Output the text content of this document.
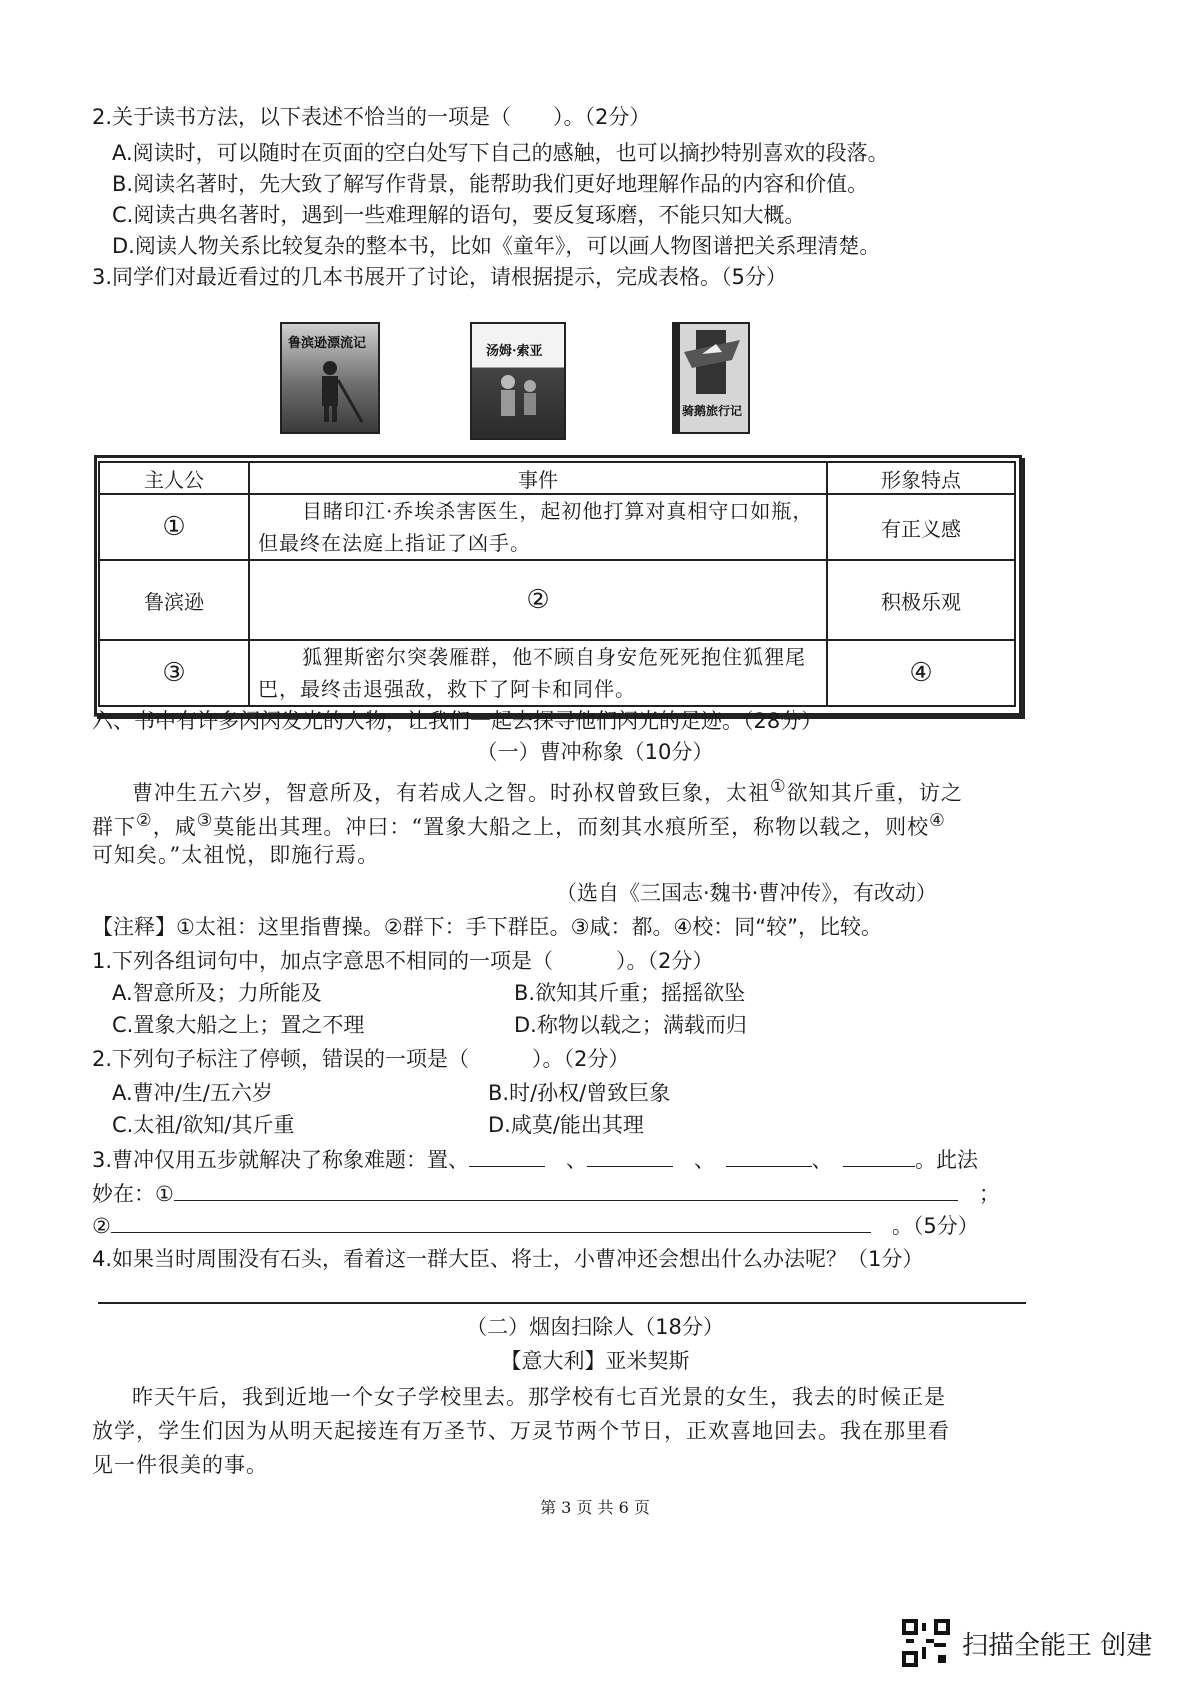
2.关于读书方法，以下表述不恰当的一项是（　　）。（2分）
A.阅读时，可以随时在页面的空白处写下自己的感触，也可以摘抄特别喜欢的段落。
B.阅读名著时，先大致了解写作背景，能帮助我们更好地理解作品的内容和价值。
C.阅读古典名著时，遇到一些难理解的语句，要反复琢磨，不能只知大概。
D.阅读人物关系比较复杂的整本书，比如《童年》，可以画人物图谱把关系理清楚。
3.同学们对最近看过的几本书展开了讨论，请根据提示，完成表格。（5分）
鲁滨逊漂流记
汤姆·索亚
骑鹅旅行记
主人公	事件	形象特点
①	目睹印江·乔埃杀害医生，起初他打算对真相守口如瓶，但最终在法庭上指证了凶手。	有正义感
鲁滨逊	②	积极乐观
③	狐狸斯密尔突袭雁群，他不顾自身安危死死抱住狐狸尾巴，最终击退强敌，救下了阿卡和同伴。	④
六、书中有许多闪闪发光的人物，让我们一起去探寻他们闪光的足迹。（28分）
（一）曹冲称象（10分）
曹冲生五六岁，智意所及，有若成人之智。时孙权曾致巨象，太祖①欲知其斤重，访之
群下②，咸③莫能出其理。冲曰：“置象大船之上，而刻其水痕所至，称物以载之，则校④
可知矣。”太祖悦，即施行焉。
（选自《三国志·魏书·曹冲传》，有改动）
【注释】①太祖：这里指曹操。②群下：手下群臣。③咸：都。④校：同“较”，比较。
1.下列各组词句中，加点字意思不相同的一项是（　　　）。（2分）
A.智意所及；力所能及	B.欲知其斤重；摇摇欲坠
C.置象大船之上；置之不理	D.称物以载之；满载而归
2.下列句子标注了停顿，错误的一项是（　　　）。（2分）
A.曹冲/生/五六岁	B.时/孙权/曾致巨象
C.太祖/欲知/其斤重	D.咸莫/能出其理
3.曹冲仅用五步就解决了称象难题：置、　	、　	、　	、　	。此法
妙在：①　	；
②　	。（5分）
4.如果当时周围没有石头，看着这一群大臣、将士，小曹冲还会想出什么办法呢？（1分）
（二）烟囱扫除人（18分）
【意大利】亚米契斯
昨天午后，我到近地一个女子学校里去。那学校有七百光景的女生，我去的时候正是
放学，学生们因为从明天起接连有万圣节、万灵节两个节日，正欢喜地回去。我在那里看
见一件很美的事。
第 3 页 共 6 页
扫描全能王 创建
